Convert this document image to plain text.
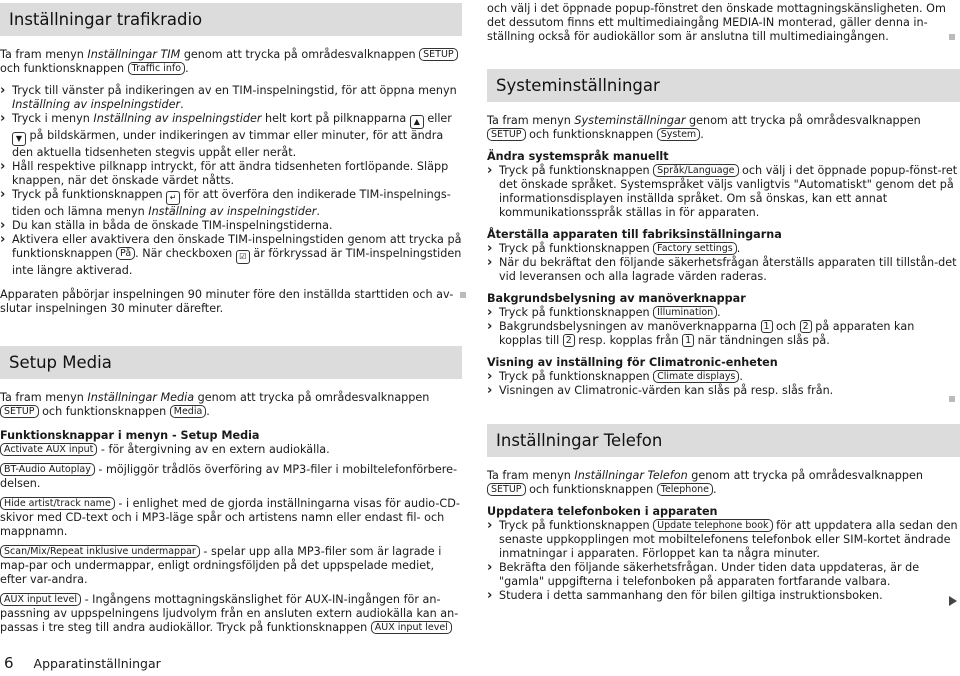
Inställningar trafikradio

Ta fram menyn Inställningar TIM genom att trycka på områdesvalknappen SETUP
och funktionsknappen Traffic info .

› Tryck till vänster på indikeringen av en TIM-inspelningstid, för att öppna menyn Inställning av inspelningstider.

› Tryck i menyn Inställning av inspelningstider helt kort på pilknapparna ▲ eller ▼ på bildskärmen, under indikeringen av timmar eller minuter, för att ändra den aktuella tidsenheten stegvis uppåt eller neråt.

› Håll respektive pilknapp intryckt, för att ändra tidsenheten fortlöpande. Släpp knappen, när det önskade värdet nåtts.

› Tryck på funktionsknappen ↵ för att överföra den indikerade TIM-inspelnings-tiden och lämna menyn Inställning av inspelningstider.

› Du kan ställa in båda de önskade TIM-inspelningstiderna.

› Aktivera eller avaktivera den önskade TIM-inspelningstiden genom att trycka på funktionsknappen På . När checkboxen ☑ är förkryssad är TIM-inspelningstiden inte längre aktiverad.

Apparaten påbörjar inspelningen 90 minuter före den inställda starttiden och av-slutar inspelningen 30 minuter därefter.

Setup Media

Ta fram menyn Inställningar Media genom att trycka på områdesvalknappen
SETUP och funktionsknappen Media .

Funktionsknappar i menyn - Setup Media

Activate AUX input - för återgivning av en extern audiokälla.

BT-Audio Autoplay - möjliggör trådlös överföring av MP3-filer i mobiltelefonförbere-delsen.

Hide artist/track name - i enlighet med de gjorda inställningarna visas för audio-CD-skivor med CD-text och i MP3-läge spår och artistens namn eller endast fil- och mappnamn.

Scan/Mix/Repeat inklusive undermappar - spelar upp alla MP3-filer som är lagrade i map-par och undermappar, enligt ordningsföljden på det uppspelade mediet, efter var-andra.

AUX input level - Ingångens mottagningskänslighet för AUX-IN-ingången för an-passning av uppspelningens ljudvolym från en ansluten extern audiokälla kan an-passas i tre steg till andra audiokällor. Tryck på funktionsknappen AUX input level

och välj i det öppnade popup-fönstret den önskade mottagningskänsligheten. Om det dessutom finns ett multimediaingång MEDIA-IN monterad, gäller denna in-ställning också för audiokällor som är anslutna till multimediaingången.

Systeminställningar

Ta fram menyn Systeminställningar genom att trycka på områdesvalknappen
SETUP och funktionsknappen System .

Ändra systemspråk manuellt

› Tryck på funktionsknappen Språk/Language och välj i det öppnade popup-fönst-ret det önskade språket. Systemspråket väljs vanligtvis "Automatiskt" genom det på informationsdisplayen inställda språket. Om så önskas, kan ett annat kommunikationsspråk ställas in för apparaten.

Återställa apparaten till fabriksinställningarna

› Tryck på funktionsknappen Factory settings .

› När du bekräftat den följande säkerhetsfrågan återställs apparaten till tillstån-det vid leveransen och alla lagrade värden raderas.

Bakgrundsbelysning av manöverknappar

› Tryck på funktionsknappen Illumination .

› Bakgrundsbelysningen av manöverknapparna 1 och 2 på apparaten kan kopplas till 2 resp. kopplas från 1 när tändningen slås på.

Visning av inställning för Climatronic-enheten

› Tryck på funktionsknappen Climate displays .

› Visningen av Climatronic-värden kan slås på resp. slås från.

Inställningar Telefon

Ta fram menyn Inställningar Telefon genom att trycka på områdesvalknappen
SETUP och funktionsknappen Telephone .

Uppdatera telefonboken i apparaten

› Tryck på funktionsknappen Update telephone book för att uppdatera alla sedan den senaste uppkopplingen mot mobiltelefonens telefonbok eller SIM-kortet ändrade inmatningar i apparaten. Förloppet kan ta några minuter.

› Bekräfta den följande säkerhetsfrågan. Under tiden data uppdateras, är de "gamla" uppgifterna i telefonboken på apparaten fortfarande valbara.

› Studera i detta sammanhang den för bilen giltiga instruktionsboken.

6 Apparatinställningar
